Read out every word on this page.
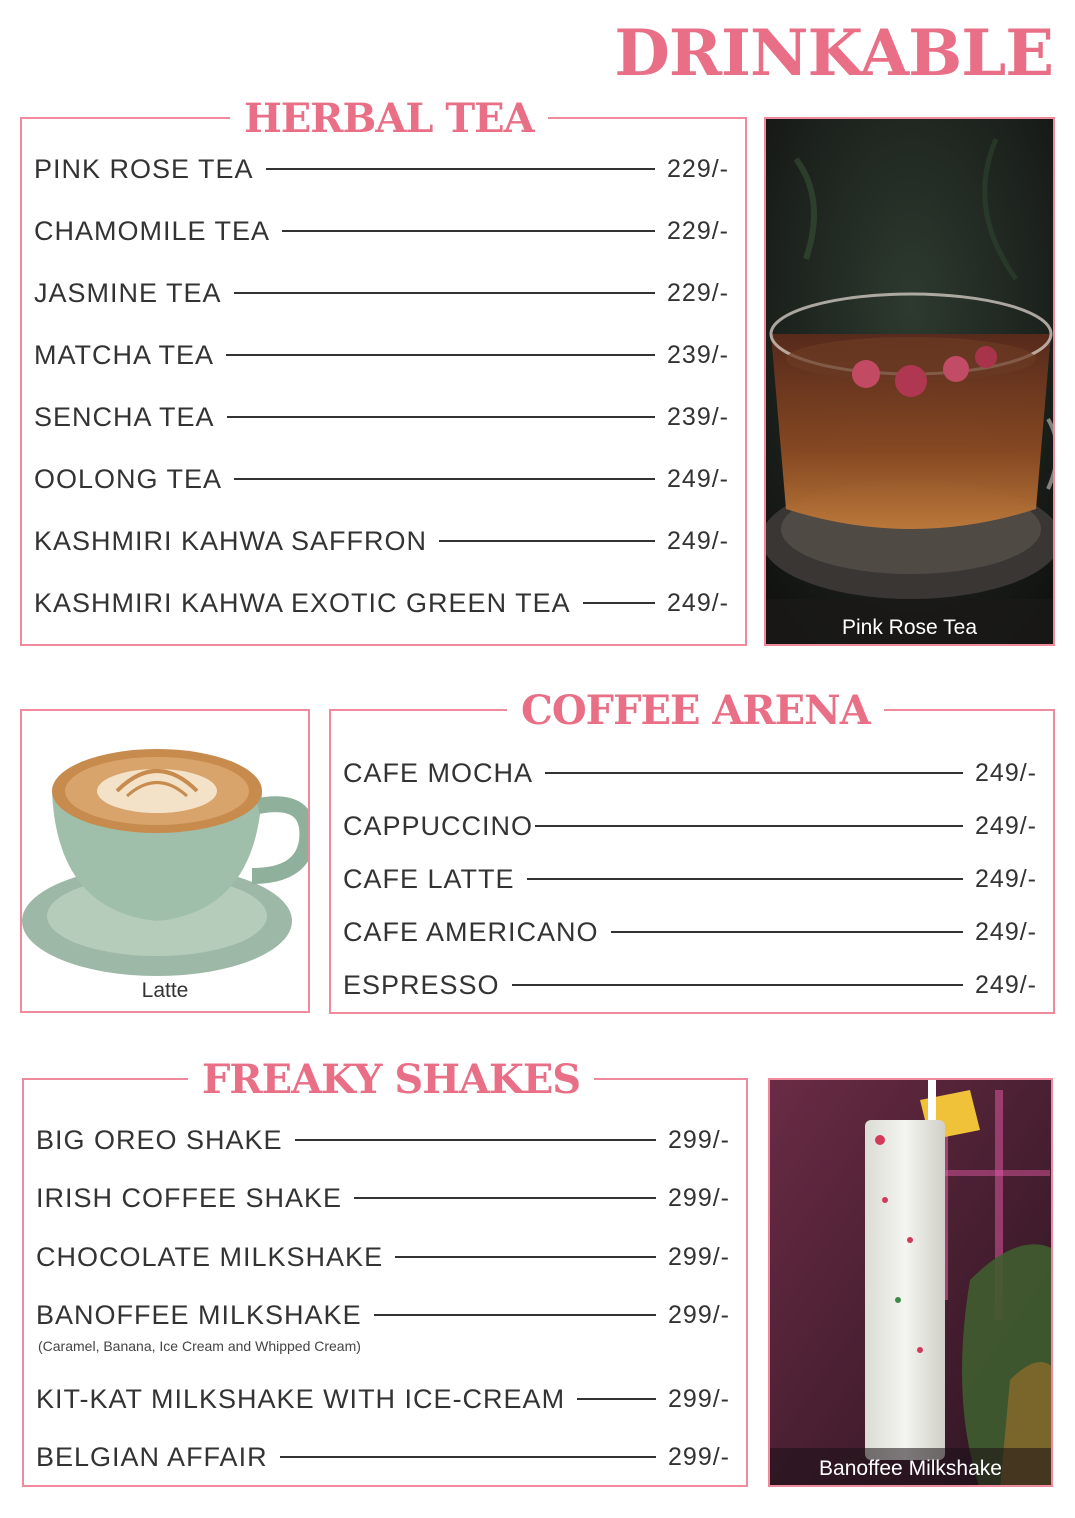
DRINKABLE
HERBAL TEA
PINK ROSE TEA	229/-
CHAMOMILE TEA	229/-
JASMINE TEA	229/-
MATCHA TEA	239/-
SENCHA TEA	239/-
OOLONG TEA	249/-
KASHMIRI KAHWA SAFFRON	249/-
KASHMIRI KAHWA EXOTIC GREEN TEA	249/-
Pink Rose Tea
Latte
COFFEE ARENA
CAFE MOCHA	249/-
CAPPUCCINO	249/-
CAFE LATTE	249/-
CAFE AMERICANO	249/-
ESPRESSO	249/-
FREAKY SHAKES
BIG OREO SHAKE	299/-
IRISH COFFEE SHAKE	299/-
CHOCOLATE MILKSHAKE	299/-
BANOFFEE MILKSHAKE	299/-
(Caramel, Banana, Ice Cream and Whipped Cream)
KIT-KAT MILKSHAKE WITH ICE-CREAM	299/-
BELGIAN AFFAIR	299/-	Banoffee Milkshake
